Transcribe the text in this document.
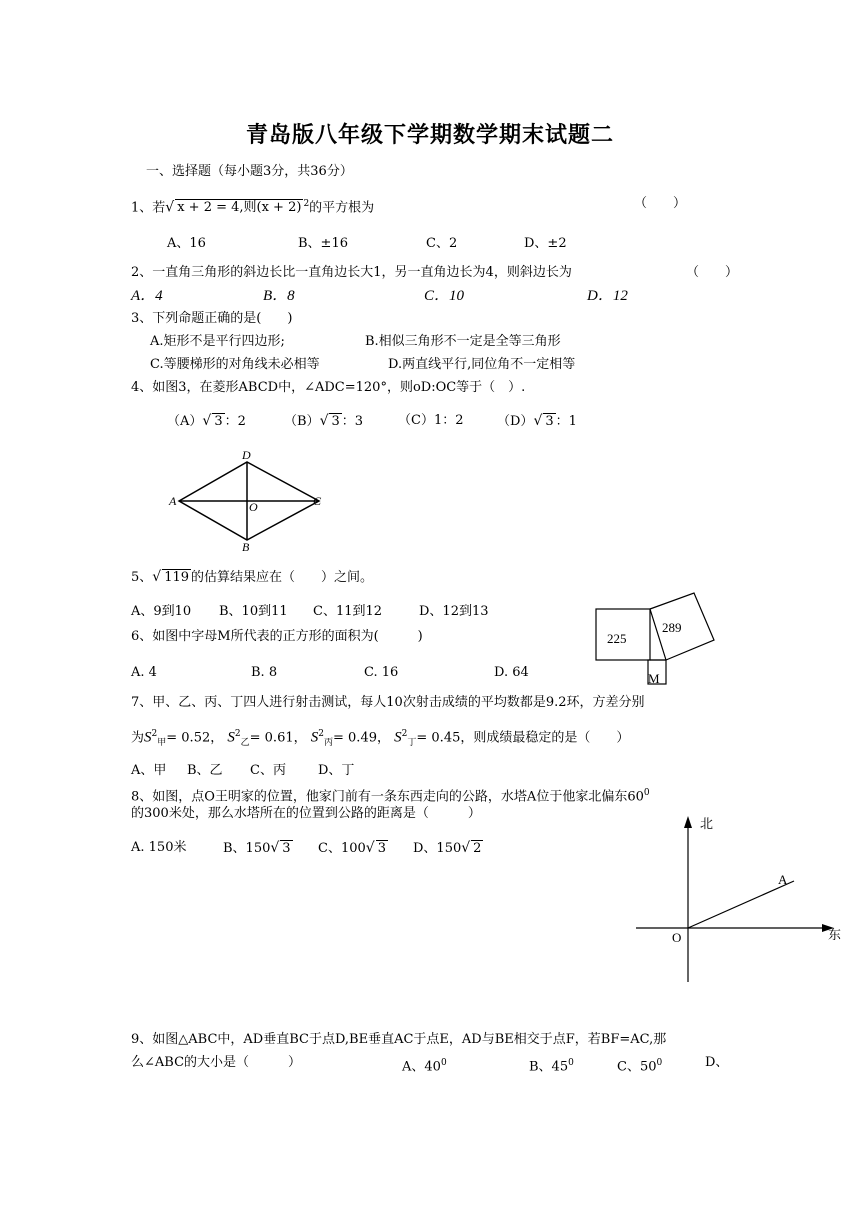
青岛版八年级下学期数学期末试题二
一、选择题（每小题3分，共36分）
1、若√ x + 2 = 4,则(x + 2) $^2$的平方根为	（　　）
A、16	B、±16	C、2	D、±2
2、一直角三角形的斜边长比一直角边长大1，另一直角边长为4，则斜边长为	（　　）
A．4	B．8	C．10	D．12
3、下列命题正确的是(　　)
A.矩形不是平行四边形;	B.相似三角形不一定是全等三角形
C.等腰梯形的对角线未必相等	D.两直线平行,同位角不一定相等
4、如图3，在菱形ABCD中，∠ADC=120°，则oD:OC等于（　）.
（A）√ 3 ：2	（B）√ 3 ：3	（C）1：2	（D）√ 3 ：1
D
A	C
B
O
5、√ 119 的估算结果应在（　　）之间。
A、9到10 B、10到11 C、11到12	D、12到13
6、如图中字母M所代表的正方形的面积为(　　　)
A. 4	B. 8	C. 16	D. 64
225
289
M
7、甲、乙、丙、丁四人进行射击测试，每人10次射击成绩的平均数都是9.2环，方差分别
为$S^2_甲= 0.52$， $S^2_乙= 0.61$， $S^2_丙= 0.49$， $S^2_丁= 0.45$，则成绩最稳定的是（　　）
A、甲 B、乙 C、丙 D、丁
8、如图，点O王明家的位置，他家门前有一条东西走向的公路，水塔A位于他家北偏东$60^0$
的300米处，那么水塔所在的位置到公路的距离是（　　　）
A. 150米	B、150√ 3 C、100√ 3 D、150√ 2
北
东
A
O
9、如图△ABC中，AD垂直BC于点D,BE垂直AC于点E，AD与BE相交于点F，若BF=AC,那
么∠ABC的大小是（　　　）	A、$40^0$	B、$45^0$	C、$50^0$	D、
